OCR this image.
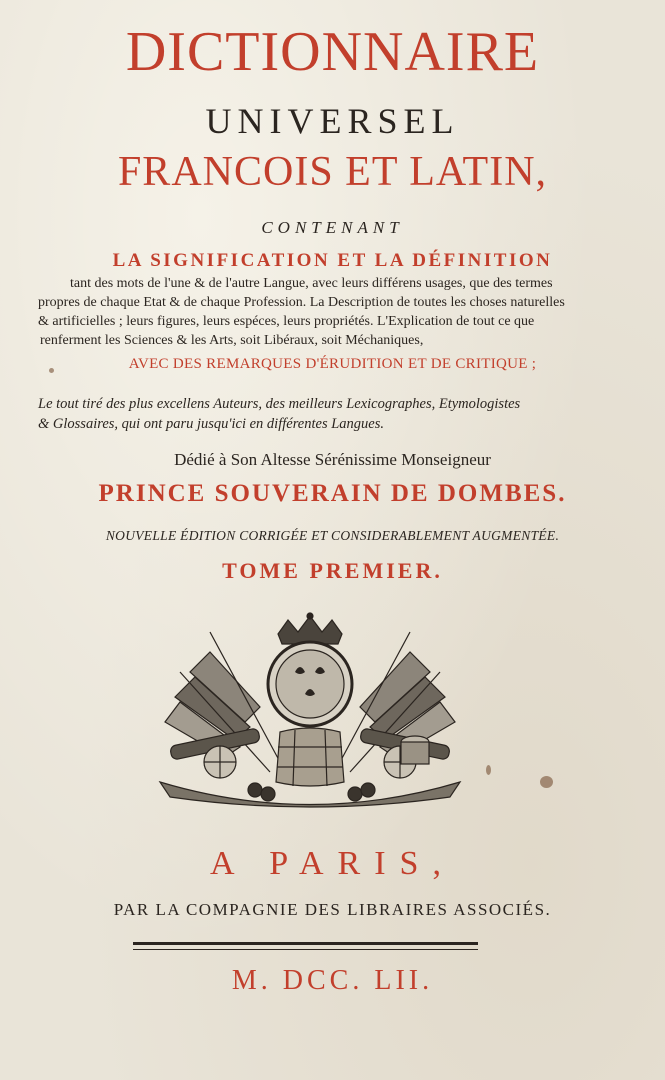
DICTIONNAIRE
UNIVERSEL
FRANCOIS ET LATIN,
CONTENANT
LA SIGNIFICATION ET LA DÉFINITION
tant des mots de l'une & de l'autre Langue, avec leurs différens usages, que des termes
propres de chaque Etat & de chaque Profession. La Description de toutes les choses naturelles
& artificielles ; leurs figures, leurs espéces, leurs propriétés. L'Explication de tout ce que
renferment les Sciences & les Arts, soit Libéraux, soit Méchaniques,
AVEC DES REMARQUES D'ÉRUDITION ET DE CRITIQUE ;
Le tout tiré des plus excellens Auteurs, des meilleurs Lexicographes, Etymologistes
& Glossaires, qui ont paru jusqu'ici en différentes Langues.
Dédié à Son Altesse Sérénissime Monseigneur
PRINCE SOUVERAIN DE DOMBES.
NOUVELLE ÉDITION CORRIGÉE ET CONSIDERABLEMENT AUGMENTÉE.
TOME PREMIER.
A PARIS,
PAR LA COMPAGNIE DES LIBRAIRES ASSOCIÉS.
M. DCC. LII.
